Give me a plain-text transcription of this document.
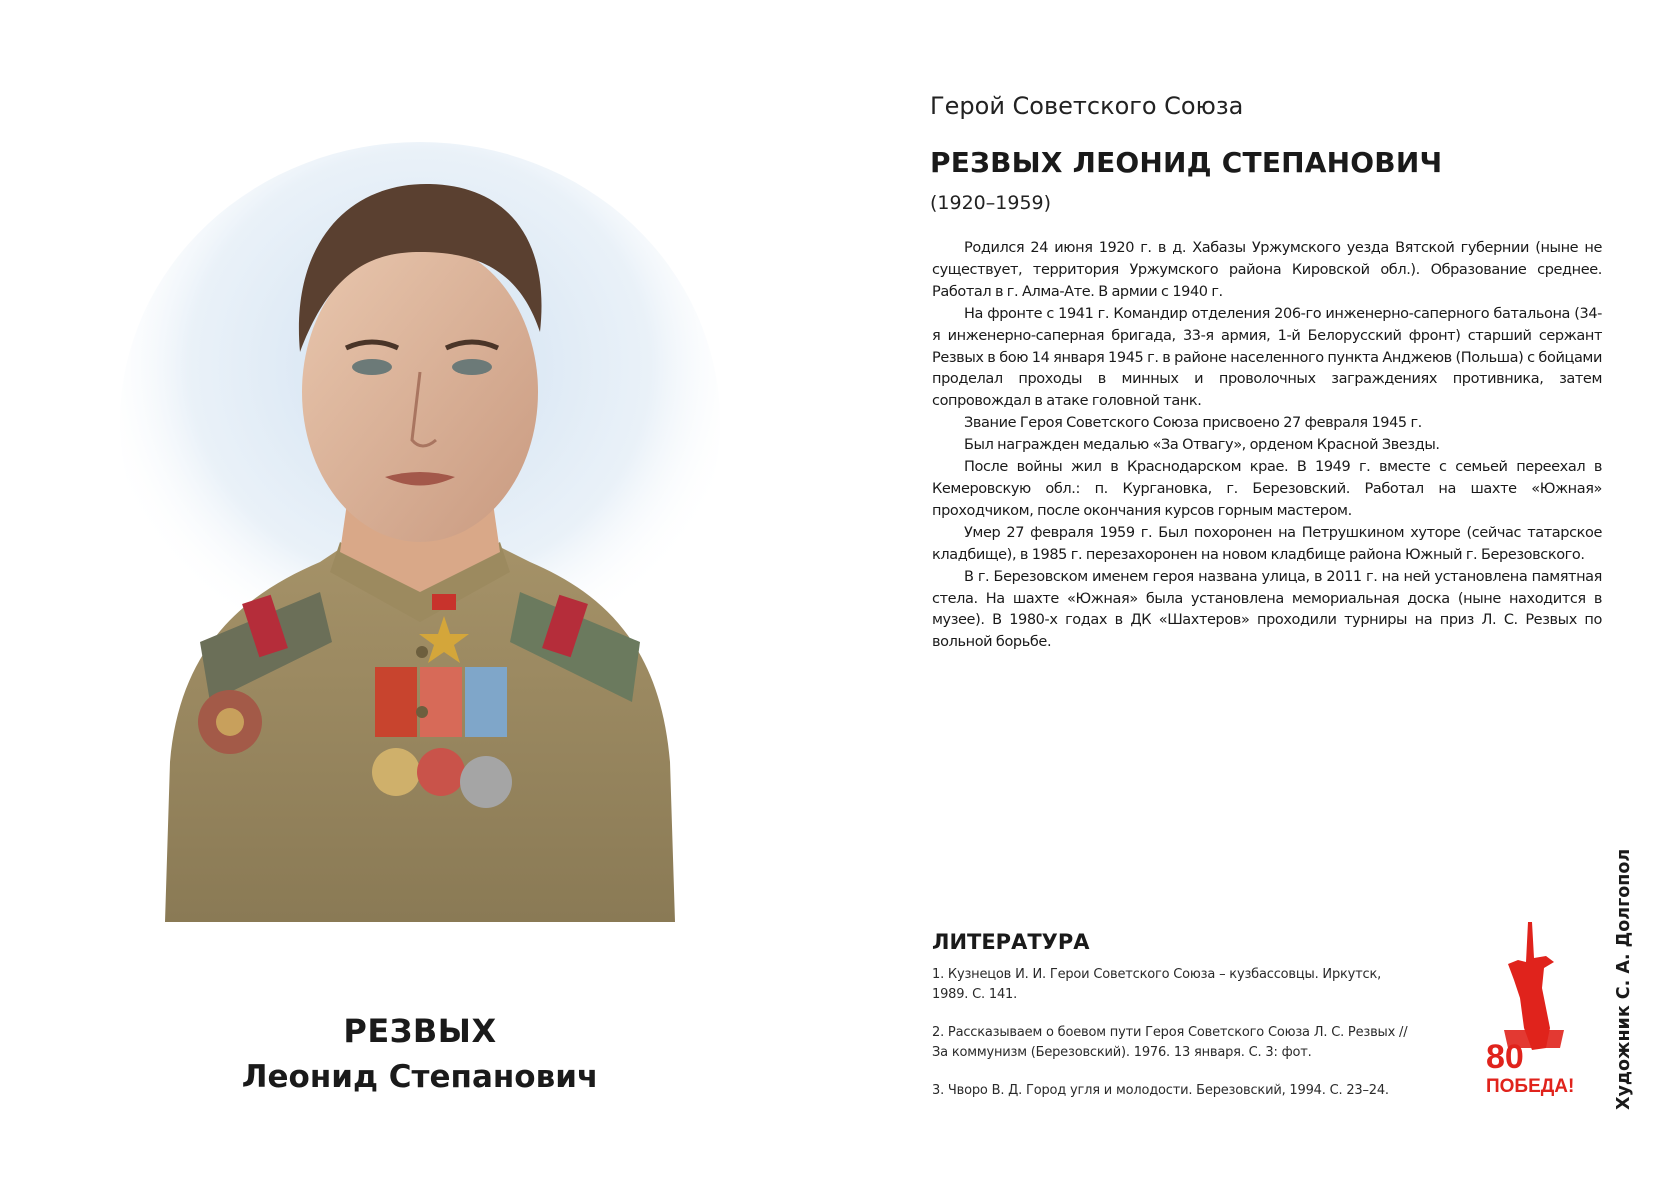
РЕЗВЫХ
Леонид Степанович
Герой Советского Союза
РЕЗВЫХ ЛЕОНИД СТЕПАНОВИЧ
(1920–1959)

Родился 24 июня 1920 г. в д. Хабазы Уржумского уезда Вятской губернии (ныне не существует, территория Уржумского района Кировской обл.). Образование среднее. Работал в г. Алма-Ате. В армии с 1940 г.

На фронте с 1941 г. Командир отделения 206-го инженерно-саперного батальона (34-я инженерно-саперная бригада, 33-я армия, 1-й Белорусский фронт) старший сержант Резвых в бою 14 января 1945 г. в районе населенного пункта Анджеюв (Польша) с бойцами проделал проходы в минных и проволочных заграждениях противника, затем сопровождал в атаке головной танк.

Звание Героя Советского Союза присвоено 27 февраля 1945 г.

Был награжден медалью «За Отвагу», орденом Красной Звезды.

После войны жил в Краснодарском крае. В 1949 г. вместе с семьей переехал в Кемеровскую обл.: п. Кургановка, г. Березовский. Работал на шахте «Южная» проходчиком, после окончания курсов горным мастером.

Умер 27 февраля 1959 г. Был похоронен на Петрушкином хуторе (сейчас татарское кладбище), в 1985 г. перезахоронен на новом кладбище района Южный г. Березовского.

В г. Березовском именем героя названа улица, в 2011 г. на ней установлена памятная стела. На шахте «Южная» была установлена мемориальная доска (ныне находится в музее). В 1980-х годах в ДК «Шахтеров» проходили турниры на приз Л. С. Резвых по вольной борьбе.

ЛИТЕРАТУРА
1. Кузнецов И. И. Герои Советского Союза – кузбассовцы. Иркутск, 1989. С. 141.
2. Рассказываем о боевом пути Героя Советского Союза Л. С. Резвых // За коммунизм (Березовский). 1976. 13 января. С. 3: фот.
3. Чворо В. Д. Город угля и молодости. Березовский, 1994. С. 23–24.
80
ПОБЕДА! Художник С. А. Долгопол
